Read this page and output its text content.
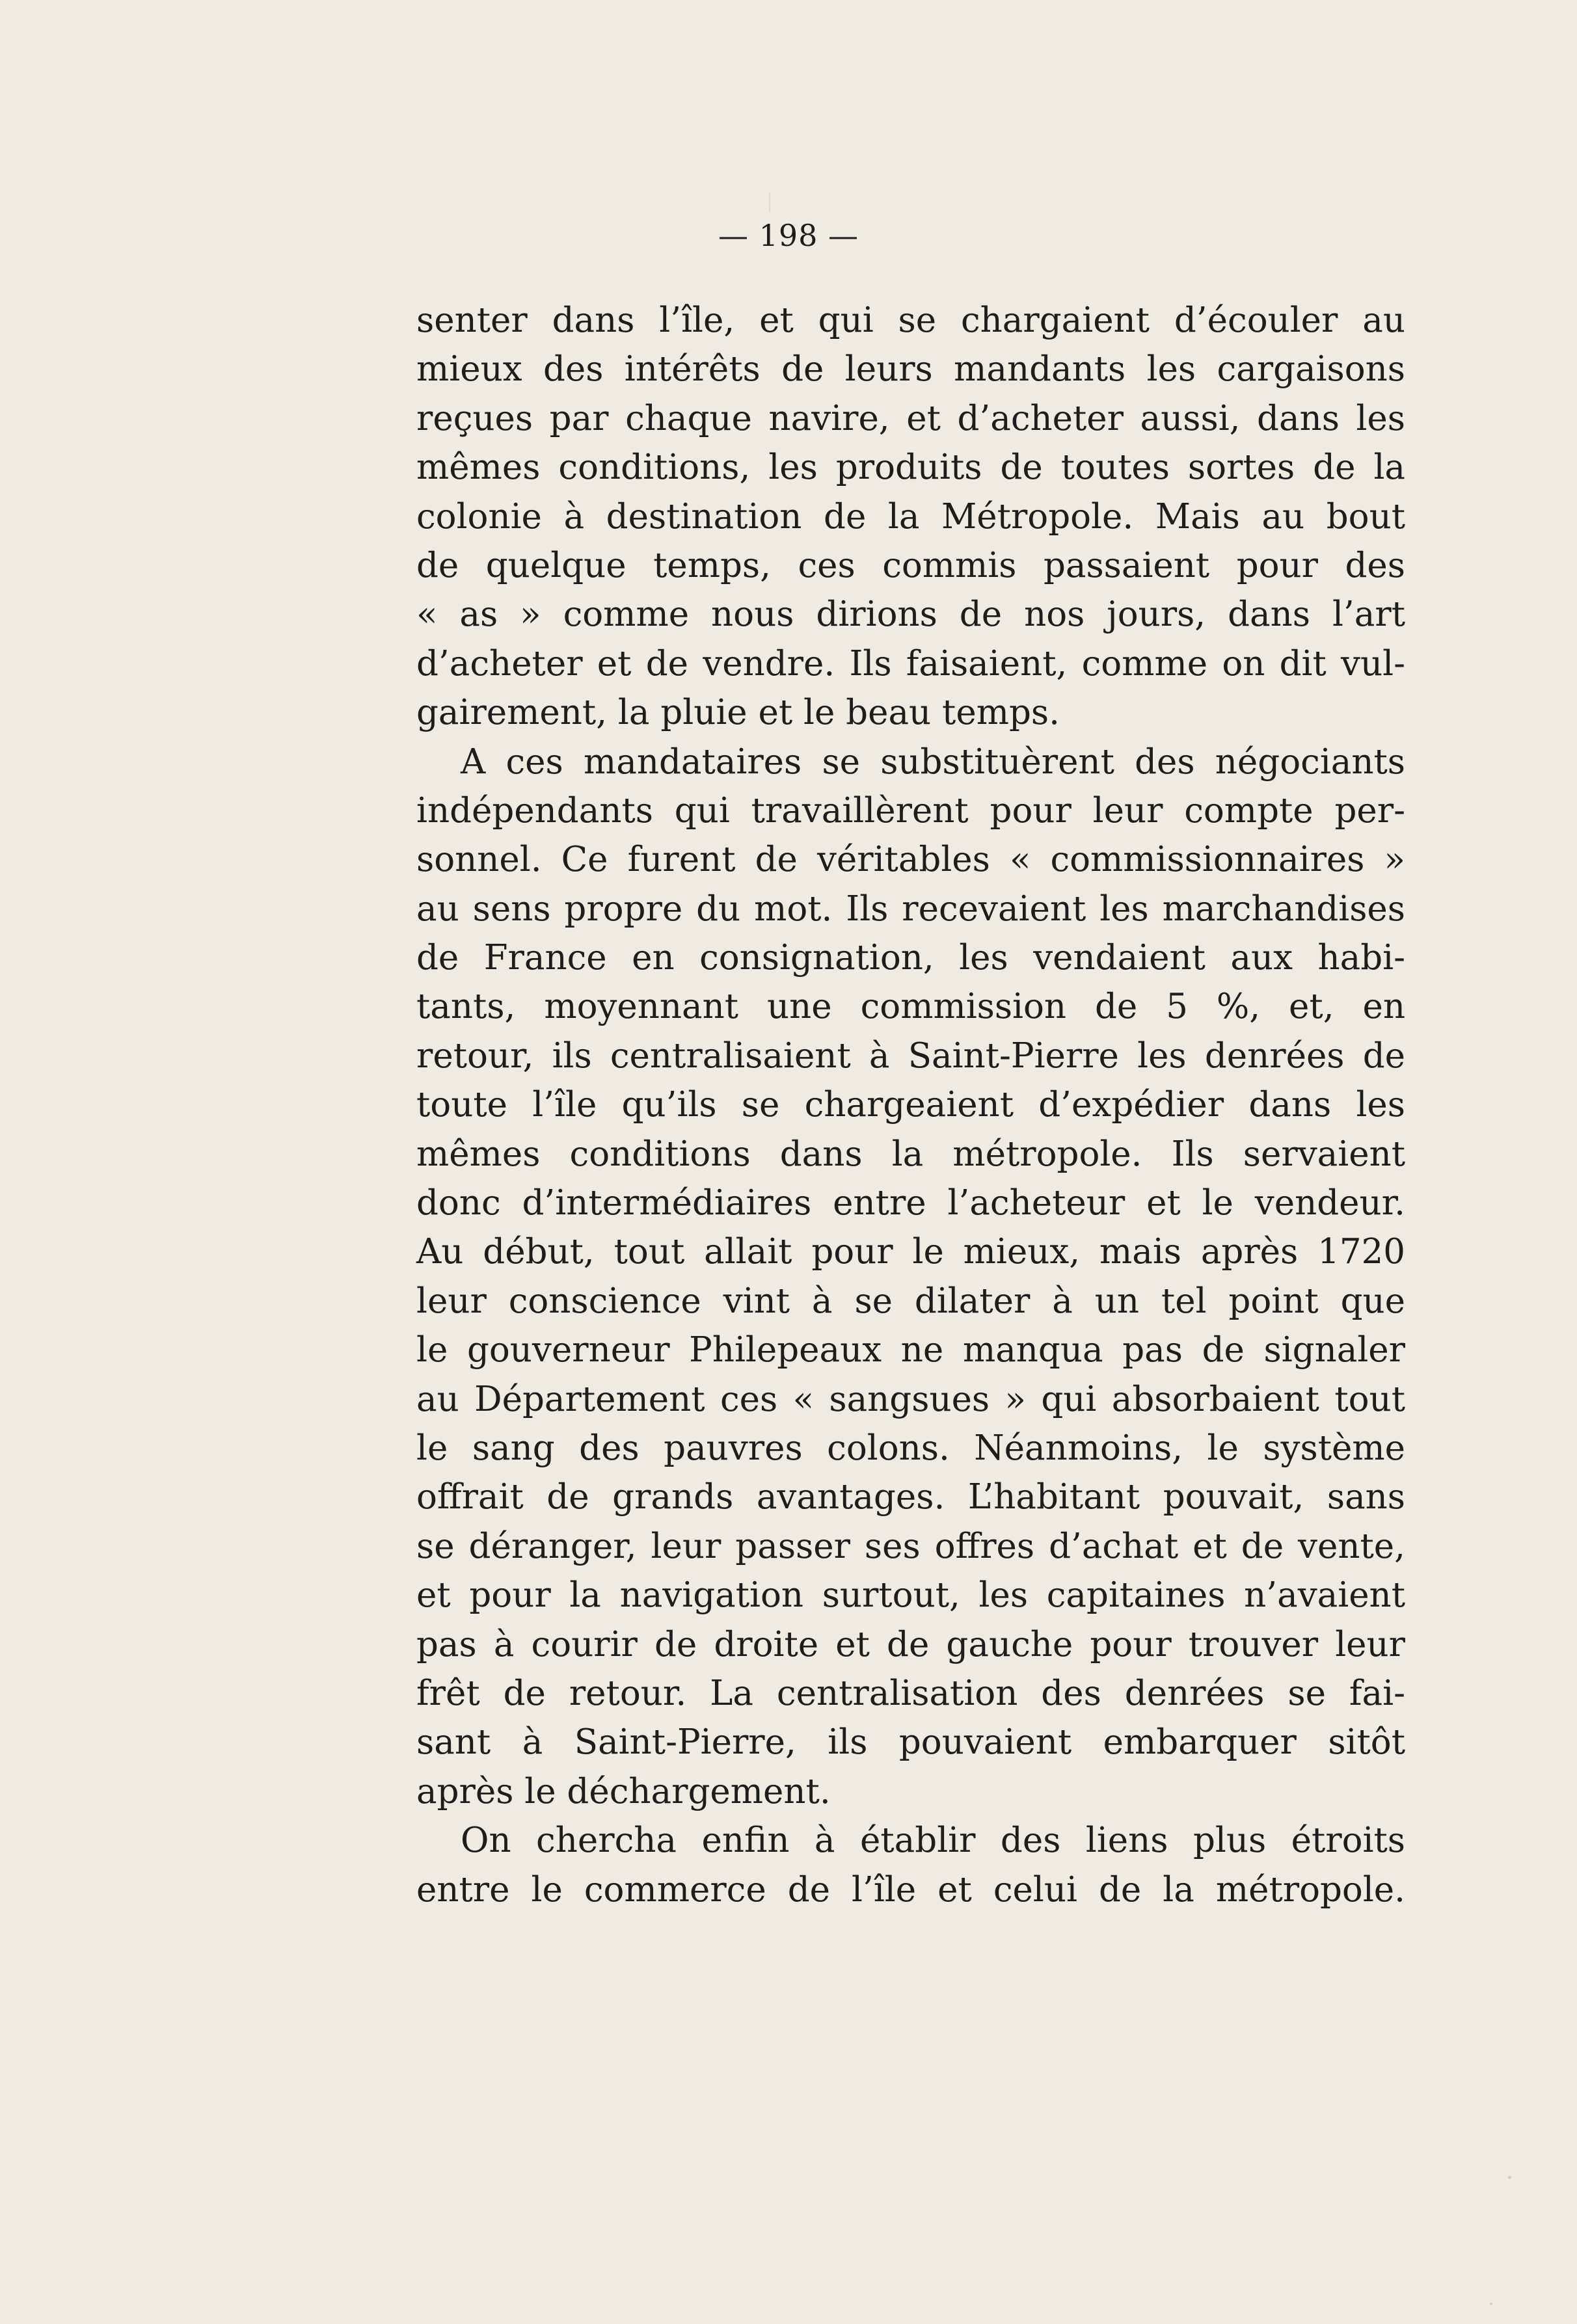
— 198 —
senter dans l’île, et qui se chargaient d’écouler au
mieux des intérêts de leurs mandants les cargaisons
reçues par chaque navire, et d’acheter aussi, dans les
mêmes conditions, les produits de toutes sortes de la
colonie à destination de la Métropole. Mais au bout
de quelque temps, ces commis passaient pour des
« as » comme nous dirions de nos jours, dans l’art
d’acheter et de vendre. Ils faisaient, comme on dit vul-
gairement, la pluie et le beau temps.
A ces mandataires se substituèrent des négociants
indépendants qui travaillèrent pour leur compte per-
sonnel. Ce furent de véritables « commissionnaires »
au sens propre du mot. Ils recevaient les marchandises
de France en consignation, les vendaient aux habi-
tants, moyennant une commission de 5 %, et, en
retour, ils centralisaient à Saint-Pierre les denrées de
toute l’île qu’ils se chargeaient d’expédier dans les
mêmes conditions dans la métropole. Ils servaient
donc d’intermédiaires entre l’acheteur et le vendeur.
Au début, tout allait pour le mieux, mais après 1720
leur conscience vint à se dilater à un tel point que
le gouverneur Philepeaux ne manqua pas de signaler
au Département ces « sangsues » qui absorbaient tout
le sang des pauvres colons. Néanmoins, le système
offrait de grands avantages. L’habitant pouvait, sans
se déranger, leur passer ses offres d’achat et de vente,
et pour la navigation surtout, les capitaines n’avaient
pas à courir de droite et de gauche pour trouver leur
frêt de retour. La centralisation des denrées se fai-
sant à Saint-Pierre, ils pouvaient embarquer sitôt
après le déchargement.
On chercha enfin à établir des liens plus étroits
entre le commerce de l’île et celui de la métropole.
